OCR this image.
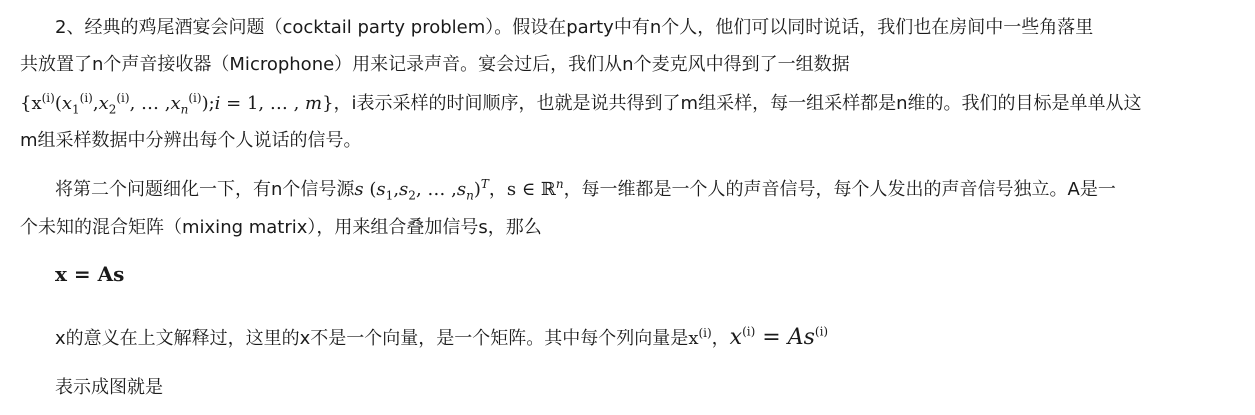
2、经典的鸡尾酒宴会问题（cocktail party problem）。假设在party中有n个人，他们可以同时说话，我们也在房间中一些角落里
共放置了n个声音接收器（Microphone）用来记录声音。宴会过后，我们从n个麦克风中得到了一组数据
{$x^{(i)}(x_1^{(i)},x_2^{(i)}$, … $,x_n^{(i)});i = 1$, … , m}，i表示采样的时间顺序，也就是说共得到了m组采样，每一组采样都是n维的。我们的目标是单单从这
m组采样数据中分辨出每个人说话的信号。
将第二个问题细化一下，有n个信号源s ($s_1,s_2$, … $,s_n)^T$，s ∈ ℝ$^n$，每一维都是一个人的声音信号，每个人发出的声音信号独立。A是一
个未知的混合矩阵（mixing matrix），用来组合叠加信号s，那么
x = As
x的意义在上文解释过，这里的x不是一个向量，是一个矩阵。其中每个列向量是$x^{(i)}$，$x^{(i)} = As^{(i)}$
表示成图就是
